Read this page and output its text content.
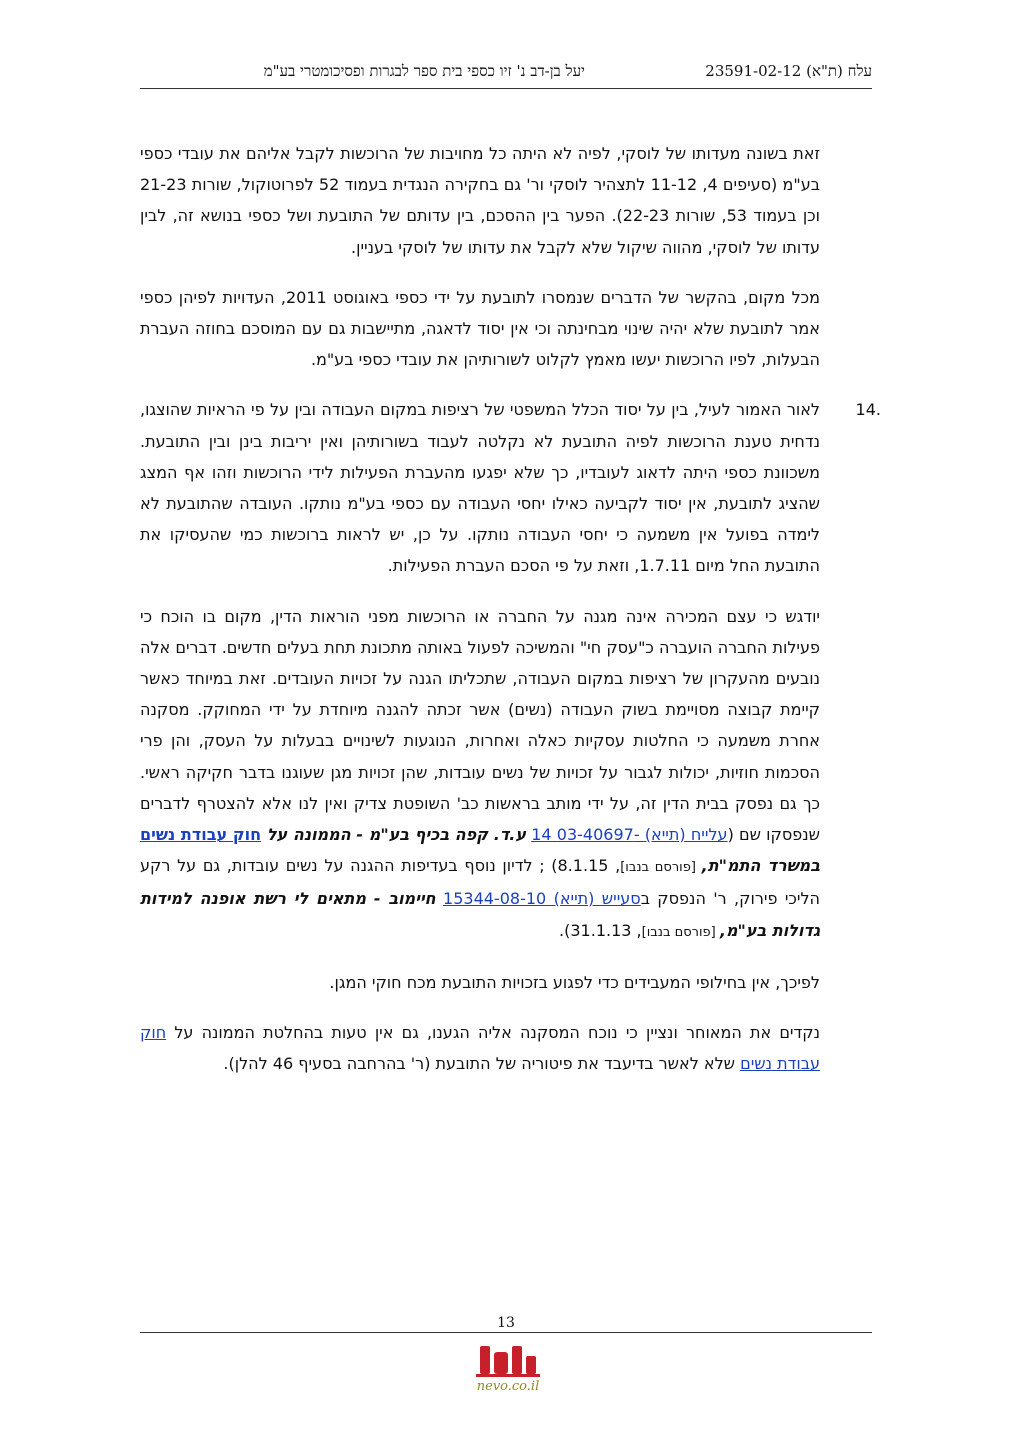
עלח (ת"א) 23591-02-12
יעל בן-דב נ' זיו כספי בית ספר לבגרות ופסיכומטרי בע"מ

זאת בשונה מעדותו של לוסקי, לפיה לא היתה כל מחויבות של הרוכשות לקבל אליהם את עובדי כספי בע"מ (סעיפים 4, 11-12 לתצהיר לוסקי ור' גם בחקירה הנגדית בעמוד 52 לפרוטוקול, שורות 21-23 וכן בעמוד 53, שורות 22-23). הפער בין ההסכם, בין עדותם של התובעת ושל כספי בנושא זה, לבין עדותו של לוסקי, מהווה שיקול שלא לקבל את עדותו של לוסקי בעניין.

מכל מקום, בהקשר של הדברים שנמסרו לתובעת על ידי כספי באוגוסט 2011, העדויות לפיהן כספי אמר לתובעת שלא יהיה שינוי מבחינתה וכי אין יסוד לדאגה, מתיישבות גם עם המוסכם בחוזה העברת הבעלות, לפיו הרוכשות יעשו מאמץ לקלוט לשורותיהן את עובדי כספי בע"מ.

.14
לאור האמור לעיל, בין על יסוד הכלל המשפטי של רציפות במקום העבודה ובין על פי הראיות שהוצגו, נדחית טענת הרוכשות לפיה התובעת לא נקלטה לעבוד בשורותיהן ואין יריבות בינן ובין התובעת. משכוונת כספי היתה לדאוג לעובדיו, כך שלא יפגעו מהעברת הפעילות לידי הרוכשות וזהו אף המצג שהציג לתובעת, אין יסוד לקביעה כאילו יחסי העבודה עם כספי בע"מ נותקו. העובדה שהתובעת לא לימדה בפועל אין משמעה כי יחסי העבודה נותקו. על כן, יש לראות ברוכשות כמי שהעסיקו את התובעת החל מיום 1.7.11, וזאת על פי הסכם העברת הפעילות.

יודגש כי עצם המכירה אינה מגנה על החברה או הרוכשות מפני הוראות הדין, מקום בו הוכח כי פעילות החברה הועברה כ"עסק חי" והמשיכה לפעול באותה מתכונת תחת בעלים חדשים. דברים אלה נובעים מהעקרון של רציפות במקום העבודה, שתכליתו הגנה על זכויות העובדים. זאת במיוחד כאשר קיימת קבוצה מסויימת בשוק העבודה (נשים) אשר זכתה להגנה מיוחדת על ידי המחוקק. מסקנה אחרת משמעה כי החלטות עסקיות כאלה ואחרות, הנוגעות לשינויים בבעלות על העסק, והן פרי הסכמות חוזיות, יכולות לגבור על זכויות של נשים עובדות, שהן זכויות מגן שעוגנו בדבר חקיקה ראשי. כך גם נפסק בבית הדין זה, על ידי מותב בראשות כב' השופטת צדיק ואין לנו אלא להצטרף לדברים שנפסקו שם (עלייח (תייא) -03-40697 14 ע.ד. קפה בכיף בע"מ - הממונה על חוק עבודת נשים במשרד התמ"ת, [פורסם בנבו], 8.1.15) ; לדיון נוסף בעדיפות ההגנה על נשים עובדות, גם על רקע הליכי פירוק, ר' הנפסק בסעייש (תייא) 15344-08-10 חיימוב - מתאים לי רשת אופנה למידות גדולות בע"מ, [פורסם בנבו], 31.1.13).

לפיכך, אין בחילופי המעבידים כדי לפגוע בזכויות התובעת מכח חוקי המגן.

נקדים את המאוחר ונציין כי נוכח המסקנה אליה הגענו, גם אין טעות בהחלטת הממונה על חוק עבודת נשים שלא לאשר בדיעבד את פיטוריה של התובעת (ר' בהרחבה בסעיף 46 להלן).

13
nevo.co.il
